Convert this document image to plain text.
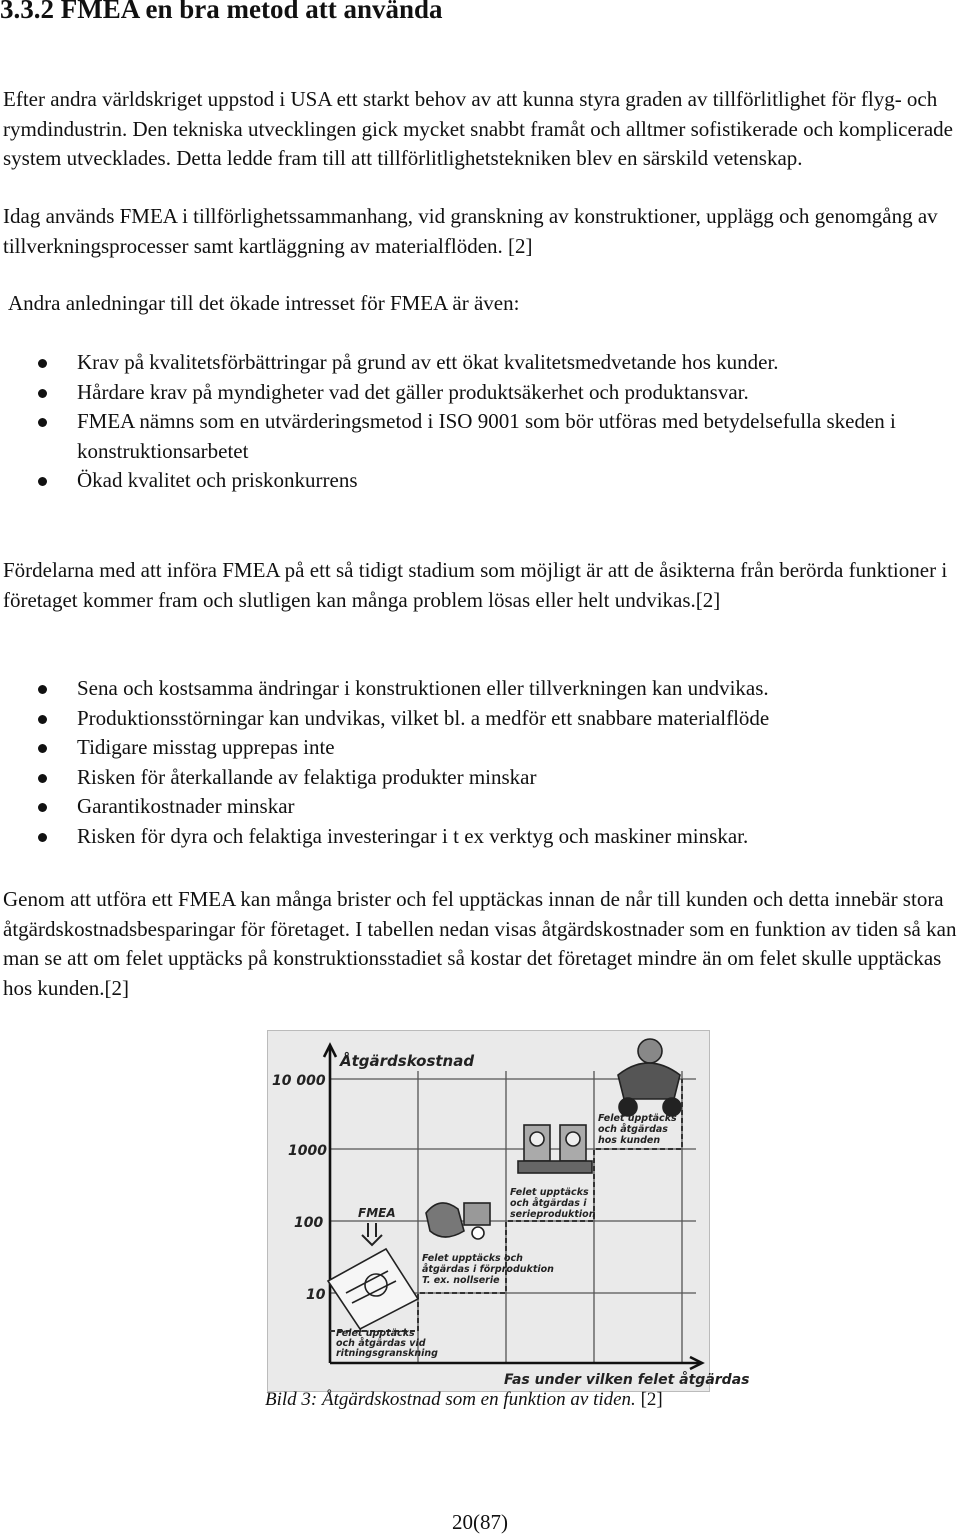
3.3.2 FMEA en bra metod att använda

Efter andra världskriget uppstod i USA ett starkt behov av att kunna styra graden av tillförlitlighet för flyg- och rymdindustrin. Den tekniska utvecklingen gick mycket snabbt framåt och alltmer sofistikerade och komplicerade system utvecklades. Detta ledde fram till att tillförlitlighetstekniken blev en särskild vetenskap.

Idag används FMEA i tillförlighetssammanhang, vid granskning av konstruktioner, upplägg och genomgång av tillverkningsprocesser samt kartläggning av materialflöden. [2]

Andra anledningar till det ökade intresset för FMEA är även:

Krav på kvalitetsförbättringar på grund av ett ökat kvalitetsmedvetande hos kunder.
Hårdare krav på myndigheter vad det gäller produktsäkerhet och produktansvar.
FMEA nämns som en utvärderingsmetod i ISO 9001 som bör utföras med betydelsefulla skeden i konstruktionsarbetet
Ökad kvalitet och priskonkurrens

Fördelarna med att införa FMEA på ett så tidigt stadium som möjligt är att de åsikterna från berörda funktioner i företaget kommer fram och slutligen kan många problem lösas eller helt undvikas.[2]

Sena och kostsamma ändringar i konstruktionen eller tillverkningen kan undvikas.
Produktionsstörningar kan undvikas, vilket bl. a medför ett snabbare materialflöde
Tidigare misstag upprepas inte
Risken för återkallande av felaktiga produkter minskar
Garantikostnader minskar
Risken för dyra och felaktiga investeringar i t ex verktyg och maskiner minskar.

Genom att utföra ett FMEA kan många brister och fel upptäckas innan de når till kunden och detta innebär stora åtgärdskostnadsbesparingar för företaget. I tabellen nedan visas åtgärdskostnader som en funktion av tiden så kan man se att om felet upptäcks på konstruktionsstadiet så kostar det företaget mindre än om felet skulle upptäckas hos kunden.[2]

Åtgärdskostnad
10 000
1000
100
10
FMEA
Felet upptäcks
och åtgärdas vid
ritningsgranskning
Felet upptäcks och
åtgärdas i förproduktion
T. ex. nollserie
Felet upptäcks
och åtgärdas i
serieproduktion
Felet upptäcks
och åtgärdas
hos kunden
Fas under vilken felet åtgärdas
Bild 3: Åtgärdskostnad som en funktion av tiden. [2]
20(87)
